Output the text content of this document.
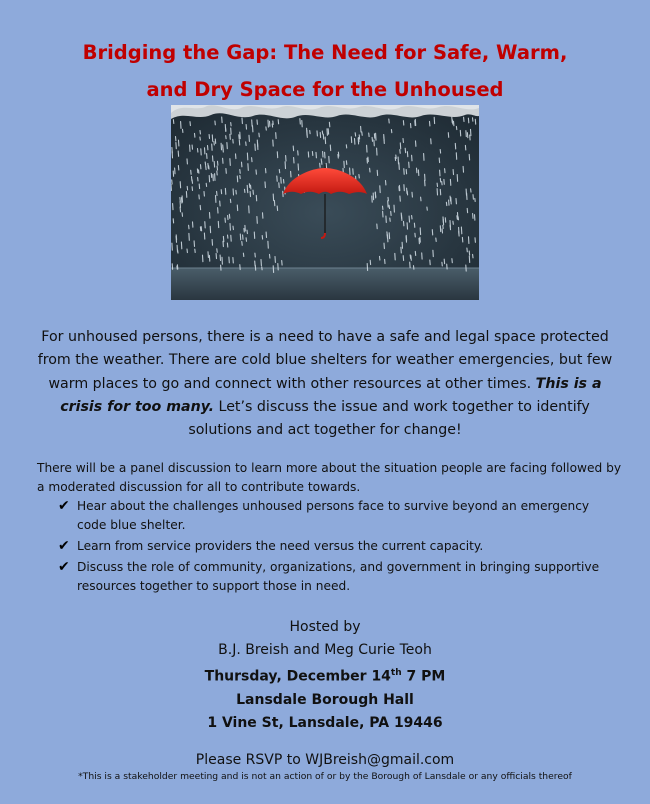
Bridging the Gap: The Need for Safe, Warm,
and Dry Space for the Unhoused

For unhoused persons, there is a need to have a safe and legal space protected from the weather. There are cold blue shelters for weather emergencies, but few warm places to go and connect with other resources at other times. This is a crisis for too many. Let’s discuss the issue and work together to identify solutions and act together for change!

There will be a panel discussion to learn more about the situation people are facing followed by a moderated discussion for all to contribute towards.

✔ Hear about the challenges unhoused persons face to survive beyond an emergency code blue shelter.
✔ Learn from service providers the need versus the current capacity.
✔ Discuss the role of community, organizations, and government in bringing supportive resources together to support those in need.
Hosted by
B.J. Breish and Meg Curie Teoh
Thursday, December 14th 7 PM
Lansdale Borough Hall
1 Vine St, Lansdale, PA 19446
Please RSVP to WJBreish@gmail.com
*This is a stakeholder meeting and is not an action of or by the Borough of Lansdale or any officials thereof
